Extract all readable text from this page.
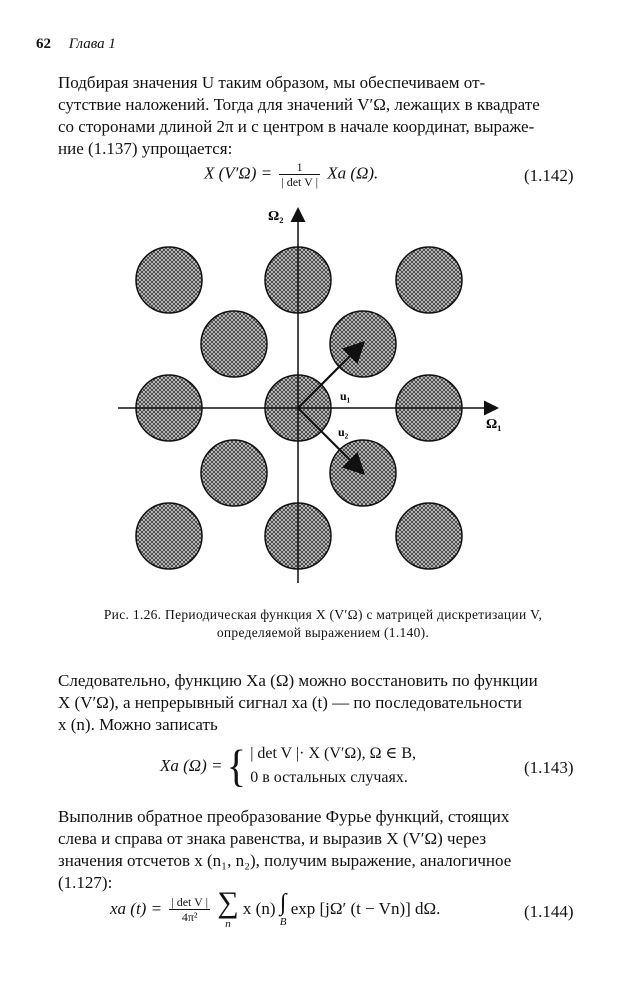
62 Глава 1

Подбирая значения U таким образом, мы обеспечиваем от-

сутствие наложений. Тогда для значений V′Ω, лежащих в квадрате

со сторонами длиной 2π и с центром в начале координат, выраже-

ние (1.137) упрощается:

X $(V'\Omega) = \frac{1}{\text{| det V |}}$ Xa (Ω).	(1.142)
Ω₂
Ω₁
u₁
u₂
Рис. 1.26. Периодическая функция X (V′Ω) с матрицей дискретизации V,
определяемой выражением (1.140).

Следовательно, функцию Xa (Ω) можно восстановить по функции

X (V′Ω), а непрерывный сигнал xa (t) — по последовательности

x (n). Можно записать

Xa (Ω) = { | det V |· X (V′Ω), Ω ∈ B,
0 в остальных случаях.
(1.143)

Выполнив обратное преобразование Фурье функций, стоящих

слева и справа от знака равенства, и выразив X (V′Ω) через

значения отсчетов x (n₁, n₂), получим выражение, аналогичное

(1.127):

xa $(t) = \frac{\text{| det V |}}{\text{4π²}}$
∑
n
x (n) ∫
B
exp [jΩ′ (t − Vn)] dΩ.	(1.144)
